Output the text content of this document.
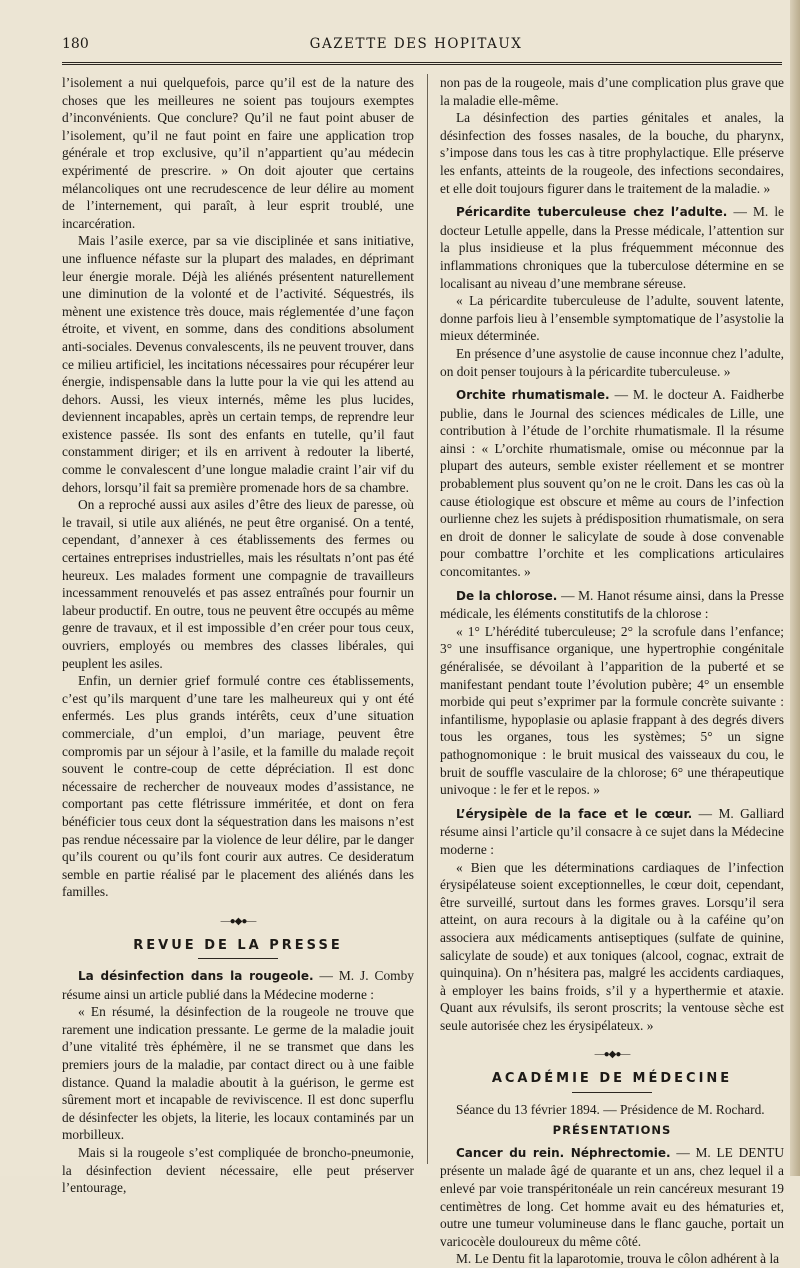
180	GAZETTE DES HOPITAUX

l’isolement a nui quelquefois, parce qu’il est de la nature des choses que les meilleures ne soient pas toujours exemptes d’inconvénients. Que conclure? Qu’il ne faut point abuser de l’isolement, qu’il ne faut point en faire une application trop générale et trop exclusive, qu’il n’appartient qu’au médecin expérimenté de prescrire. » On doit ajouter que certains mélancoliques ont une recrudescence de leur délire au moment de l’internement, qui paraît, à leur esprit troublé, une incarcération.

Mais l’asile exerce, par sa vie disciplinée et sans initiative, une influence néfaste sur la plupart des malades, en déprimant leur énergie morale. Déjà les aliénés présentent naturellement une diminution de la volonté et de l’activité. Séquestrés, ils mènent une existence très douce, mais réglementée d’une façon étroite, et vivent, en somme, dans des conditions absolument anti-sociales. Devenus convalescents, ils ne peuvent trouver, dans ce milieu artificiel, les incitations nécessaires pour récupérer leur énergie, indispensable dans la lutte pour la vie qui les attend au dehors. Aussi, les vieux internés, même les plus lucides, deviennent incapables, après un certain temps, de reprendre leur existence passée. Ils sont des enfants en tutelle, qu’il faut constamment diriger; et ils en arrivent à redouter la liberté, comme le convalescent d’une longue maladie craint l’air vif du dehors, lorsqu’il fait sa première promenade hors de sa chambre.

On a reproché aussi aux asiles d’être des lieux de paresse, où le travail, si utile aux aliénés, ne peut être organisé. On a tenté, cependant, d’annexer à ces établissements des fermes ou certaines entreprises industrielles, mais les résultats n’ont pas été heureux. Les malades forment une compagnie de travailleurs incessamment renouvelés et pas assez entraînés pour fournir un labeur productif. En outre, tous ne peuvent être occupés au même genre de travaux, et il est impossible d’en créer pour tous ceux, ouvriers, employés ou membres des classes libérales, qui peuplent les asiles.

Enfin, un dernier grief formulé contre ces établissements, c’est qu’ils marquent d’une tare les malheureux qui y ont été enfermés. Les plus grands intérêts, ceux d’une situation commerciale, d’un emploi, d’un mariage, peuvent être compromis par un séjour à l’asile, et la famille du malade reçoit souvent le contre-coup de cette dépréciation. Il est donc nécessaire de rechercher de nouveaux modes d’assistance, ne comportant pas cette flétrissure imméritée, et dont on fera bénéficier tous ceux dont la séquestration dans les maisons n’est pas rendue nécessaire par la violence de leur délire, par le danger qu’ils courent ou qu’ils font courir aux autres. Ce desideratum semble en partie réalisé par le placement des aliénés dans les familles.

—●◆●—
REVUE DE LA PRESSE

La désinfection dans la rougeole. — M. J. Comby résume ainsi un article publié dans la Médecine moderne :

« En résumé, la désinfection de la rougeole ne trouve que rarement une indication pressante. Le germe de la maladie jouit d’une vitalité très éphémère, il ne se transmet que dans les premiers jours de la maladie, par contact direct ou à une faible distance. Quand la maladie aboutit à la guérison, le germe est sûrement mort et incapable de reviviscence. Il est donc superflu de désinfecter les objets, la literie, les locaux contaminés par un morbilleux.

Mais si la rougeole s’est compliquée de broncho-pneumonie, la désinfection devient nécessaire, elle peut préserver l’entourage,

non pas de la rougeole, mais d’une complication plus grave que la maladie elle-même.

La désinfection des parties génitales et anales, la désinfection des fosses nasales, de la bouche, du pharynx, s’impose dans tous les cas à titre prophylactique. Elle préserve les enfants, atteints de la rougeole, des infections secondaires, et elle doit toujours figurer dans le traitement de la maladie. »

Péricardite tuberculeuse chez l’adulte. — M. le docteur Letulle appelle, dans la Presse médicale, l’attention sur la plus insidieuse et la plus fréquemment méconnue des inflammations chroniques que la tuberculose détermine en se localisant au niveau d’une membrane séreuse.

« La péricardite tuberculeuse de l’adulte, souvent latente, donne parfois lieu à l’ensemble symptomatique de l’asystolie la mieux déterminée.

En présence d’une asystolie de cause inconnue chez l’adulte, on doit penser toujours à la péricardite tuberculeuse. »

Orchite rhumatismale. — M. le docteur A. Faidherbe publie, dans le Journal des sciences médicales de Lille, une contribution à l’étude de l’orchite rhumatismale. Il la résume ainsi : « L’orchite rhumatismale, omise ou méconnue par la plupart des auteurs, semble exister réellement et se montrer probablement plus souvent qu’on ne le croit. Dans les cas où la cause étiologique est obscure et même au cours de l’infection ourlienne chez les sujets à prédisposition rhumatismale, on sera en droit de donner le salicylate de soude à dose convenable pour combattre l’orchite et les complications articulaires concomitantes. »

De la chlorose. — M. Hanot résume ainsi, dans la Presse médicale, les éléments constitutifs de la chlorose :

« 1° L’hérédité tuberculeuse; 2° la scrofule dans l’enfance; 3° une insuffisance organique, une hypertrophie congénitale généralisée, se dévoilant à l’apparition de la puberté et se manifestant pendant toute l’évolution pubère; 4° un ensemble morbide qui peut s’exprimer par la formule concrète suivante : infantilisme, hypoplasie ou aplasie frappant à des degrés divers tous les organes, tous les systèmes; 5° un signe pathognomonique : le bruit musical des vaisseaux du cou, le bruit de souffle vasculaire de la chlorose; 6° une thérapeutique univoque : le fer et le repos. »

L’érysipèle de la face et le cœur. — M. Galliard résume ainsi l’article qu’il consacre à ce sujet dans la Médecine moderne :

« Bien que les déterminations cardiaques de l’infection érysipélateuse soient exceptionnelles, le cœur doit, cependant, être surveillé, surtout dans les formes graves. Lorsqu’il sera atteint, on aura recours à la digitale ou à la caféine qu’on associera aux médicaments antiseptiques (sulfate de quinine, salicylate de soude) et aux toniques (alcool, cognac, extrait de quinquina). On n’hésitera pas, malgré les accidents cardiaques, à employer les bains froids, s’il y a hyperthermie et ataxie. Quant aux révulsifs, ils seront proscrits; la ventouse sèche est seule autorisée chez les érysipélateux. »

—●◆●—
ACADÉMIE DE MÉDECINE

Séance du 13 février 1894. — Présidence de M. Rochard.

PRÉSENTATIONS

Cancer du rein. Néphrectomie. — M. LE DENTU présente un malade âgé de quarante et un ans, chez lequel il a enlevé par voie transpéritonéale un rein cancéreux mesurant 19 centimètres de long. Cet homme avait eu des hématuries et, outre une tumeur volumineuse dans le flanc gauche, portait un varicocèle douloureux du même côté.

M. Le Dentu fit la laparotomie, trouva le côlon adhérent à la
